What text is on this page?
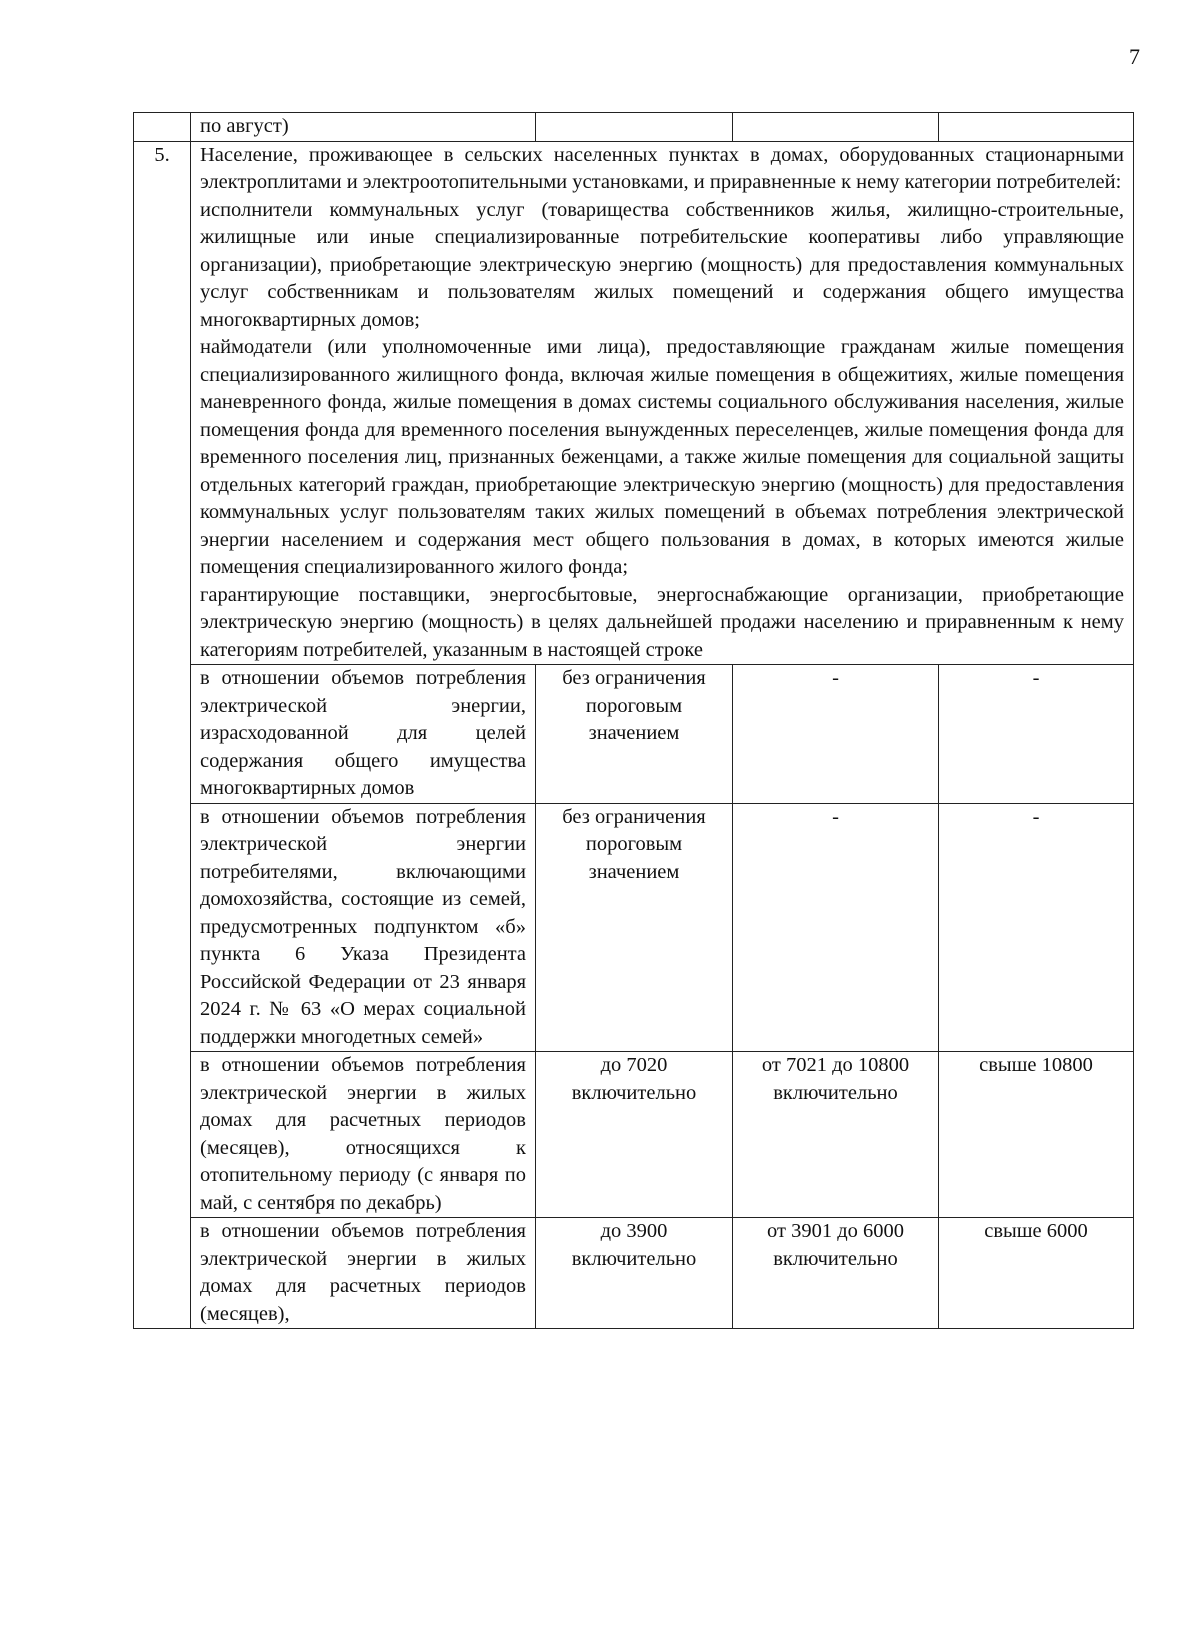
7
	по август)			
5.	Население, проживающее в сельских населенных пунктах в домах, оборудованных стационарными электроплитами и электроотопительными установками, и приравненные к нему категории потребителей:
исполнители коммунальных услуг (товарищества собственников жилья, жилищно-строительные, жилищные или иные специализированные потребительские кооперативы либо управляющие организации), приобретающие электрическую энергию (мощность) для предоставления коммунальных услуг собственникам и пользователям жилых помещений и содержания общего имущества многоквартирных домов;
наймодатели (или уполномоченные ими лица), предоставляющие гражданам жилые помещения специализированного жилищного фонда, включая жилые помещения в общежитиях, жилые помещения маневренного фонда, жилые помещения в домах системы социального обслуживания населения, жилые помещения фонда для временного поселения вынужденных переселенцев, жилые помещения фонда для временного поселения лиц, признанных беженцами, а также жилые помещения для социальной защиты отдельных категорий граждан, приобретающие электрическую энергию (мощность) для предоставления коммунальных услуг пользователям таких жилых помещений в объемах потребления электрической энергии населением и содержания мест общего пользования в домах, в которых имеются жилые помещения специализированного жилого фонда;
гарантирующие поставщики, энергосбытовые, энергоснабжающие организации, приобретающие электрическую энергию (мощность) в целях дальнейшей продажи населению и приравненным к нему категориям потребителей, указанным в настоящей строке			

	в отношении объемов потребления электрической энергии, израсходованной для целей содержания общего имущества многоквартирных домов	без ограничения пороговым значением	-	-
	в отношении объемов потребления электрической энергии потребителями, включающими домохозяйства, состоящие из семей, предусмотренных подпунктом «б» пункта 6 Указа Президента Российской Федерации от 23 января 2024 г. № 63 «О мерах социальной поддержки многодетных семей»	без ограничения пороговым значением	-	-
	в отношении объемов потребления электрической энергии в жилых домах для расчетных периодов (месяцев), относящихся к отопительному периоду (с января по май, с сентября по декабрь)	до 7020 включительно	от 7021 до 10800 включительно	свыше 10800
	в отношении объемов потребления электрической энергии в жилых домах для расчетных периодов (месяцев),	до 3900 включительно	от 3901 до 6000 включительно	свыше 6000
